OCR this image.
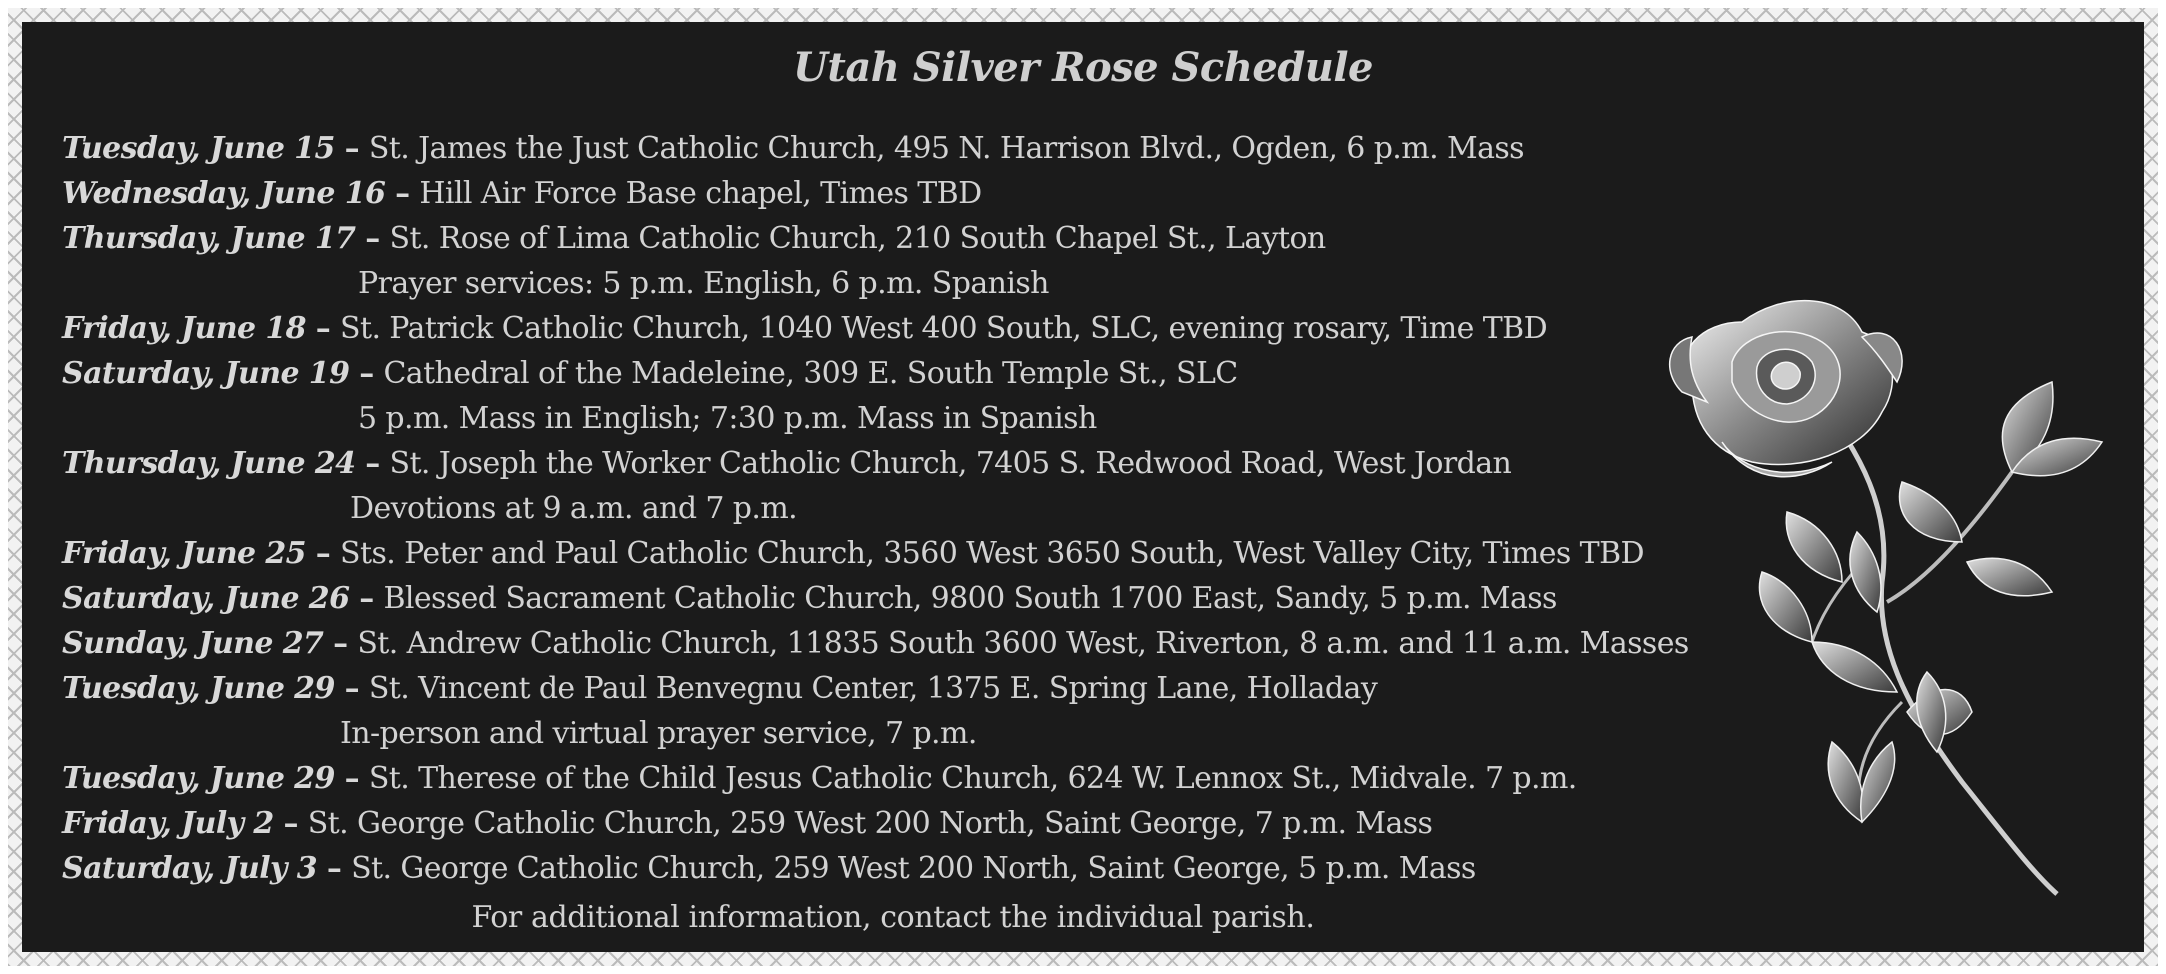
Utah Silver Rose Schedule
Tuesday, June 15 – St. James the Just Catholic Church, 495 N. Harrison Blvd., Ogden, 6 p.m. Mass
Wednesday, June 16 – Hill Air Force Base chapel, Times TBD
Thursday, June 17 – St. Rose of Lima Catholic Church, 210 South Chapel St., Layton
Prayer services: 5 p.m. English, 6 p.m. Spanish
Friday, June 18 – St. Patrick Catholic Church, 1040 West 400 South, SLC, evening rosary, Time TBD
Saturday, June 19 – Cathedral of the Madeleine, 309 E. South Temple St., SLC
5 p.m. Mass in English; 7:30 p.m. Mass in Spanish
Thursday, June 24 – St. Joseph the Worker Catholic Church, 7405 S. Redwood Road, West Jordan
Devotions at 9 a.m. and 7 p.m.
Friday, June 25 – Sts. Peter and Paul Catholic Church, 3560 West 3650 South, West Valley City, Times TBD
Saturday, June 26 – Blessed Sacrament Catholic Church, 9800 South 1700 East, Sandy, 5 p.m. Mass
Sunday, June 27 – St. Andrew Catholic Church, 11835 South 3600 West, Riverton, 8 a.m. and 11 a.m. Masses
Tuesday, June 29 – St. Vincent de Paul Benvegnu Center, 1375 E. Spring Lane, Holladay
In-person and virtual prayer service, 7 p.m.
Tuesday, June 29 – St. Therese of the Child Jesus Catholic Church, 624 W. Lennox St., Midvale. 7 p.m.
Friday, July 2 – St. George Catholic Church, 259 West 200 North, Saint George, 7 p.m. Mass
Saturday, July 3 – St. George Catholic Church, 259 West 200 North, Saint George, 5 p.m. Mass
For additional information, contact the individual parish.
